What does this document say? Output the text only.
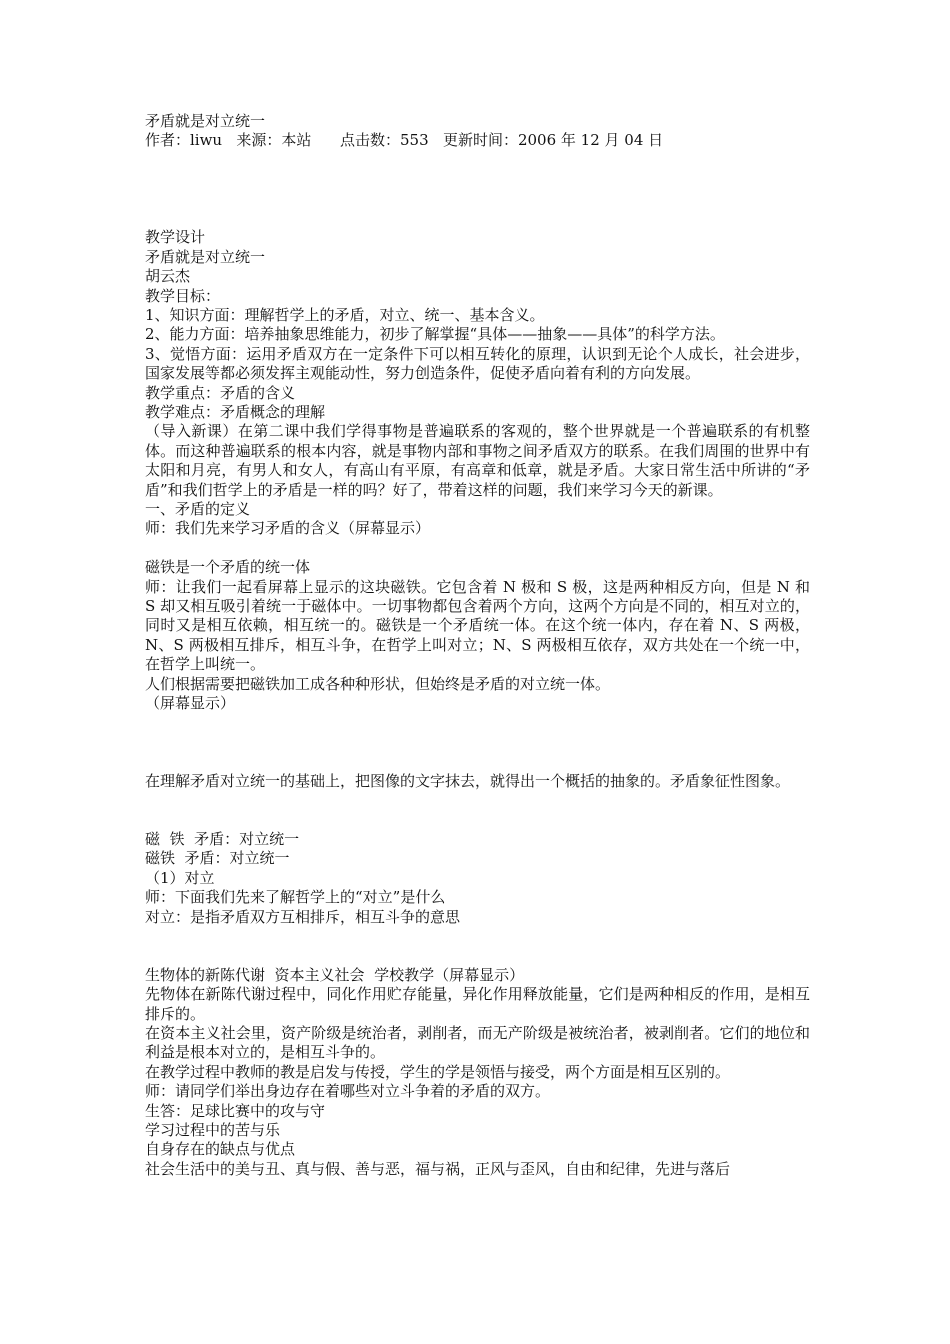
矛盾就是对立统一
作者：liwu   来源：本站      点击数：553   更新时间：2006 年 12 月 04 日
教学设计
矛盾就是对立统一
胡云杰
教学目标：
1、知识方面：理解哲学上的矛盾，对立、统一、基本含义。
2、能力方面：培养抽象思维能力，初步了解掌握“具体——抽象——具体”的科学方法。
3、觉悟方面：运用矛盾双方在一定条件下可以相互转化的原理，认识到无论个人成长，社会进步，国家发展等都必须发挥主观能动性，努力创造条件，促使矛盾向着有利的方向发展。
教学重点：矛盾的含义
教学难点：矛盾概念的理解
（导入新课）在第二课中我们学得事物是普遍联系的客观的，整个世界就是一个普遍联系的有机整体。而这种普遍联系的根本内容，就是事物内部和事物之间矛盾双方的联系。在我们周围的世界中有太阳和月亮，有男人和女人，有高山有平原，有高章和低章，就是矛盾。大家日常生活中所讲的“矛盾”和我们哲学上的矛盾是一样的吗？好了，带着这样的问题，我们来学习今天的新课。
一、矛盾的定义
师：我们先来学习矛盾的含义（屏幕显示）
磁铁是一个矛盾的统一体
师：让我们一起看屏幕上显示的这块磁铁。它包含着 N 极和 S 极，这是两种相反方向，但是 N 和 S 却又相互吸引着统一于磁体中。一切事物都包含着两个方向，这两个方向是不同的，相互对立的，同时又是相互依赖，相互统一的。磁铁是一个矛盾统一体。在这个统一体内，存在着 N、S 两极，N、S 两极相互排斥，相互斗争，在哲学上叫对立；N、S 两极相互依存，双方共处在一个统一中，在哲学上叫统一。
人们根据需要把磁铁加工成各种种形状，但始终是矛盾的对立统一体。
（屏幕显示）
在理解矛盾对立统一的基础上，把图像的文字抹去，就得出一个概括的抽象的。矛盾象征性图象。
磁  铁  矛盾：对立统一
磁铁  矛盾：对立统一
（1）对立
师：下面我们先来了解哲学上的“对立”是什么
对立：是指矛盾双方互相排斥，相互斗争的意思
生物体的新陈代谢  资本主义社会  学校教学（屏幕显示）
先物体在新陈代谢过程中，同化作用贮存能量，异化作用释放能量，它们是两种相反的作用，是相互排斥的。
在资本主义社会里，资产阶级是统治者，剥削者，而无产阶级是被统治者，被剥削者。它们的地位和利益是根本对立的，是相互斗争的。
在教学过程中教师的教是启发与传授，学生的学是领悟与接受，两个方面是相互区别的。
师：请同学们举出身边存在着哪些对立斗争着的矛盾的双方。
生答：足球比赛中的攻与守
学习过程中的苦与乐
自身存在的缺点与优点
社会生活中的美与丑、真与假、善与恶，福与祸，正风与歪风，自由和纪律，先进与落后
